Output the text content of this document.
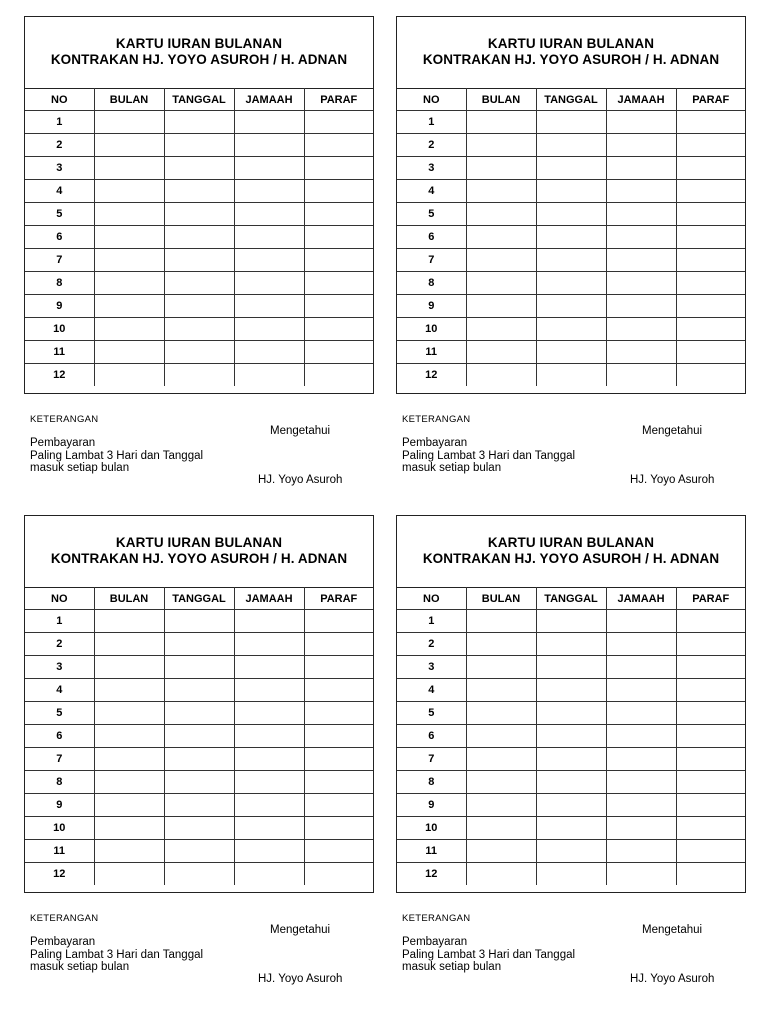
KARTU IURAN BULANAN
KONTRAKAN HJ. YOYO ASUROH / H. ADNAN
NO	BULAN	TANGGAL	JAMAAH	PARAF
1				
2				
3				
4				
5				
6				
7				
8				
9				
10				
11				
12				
KETERANGAN
Mengetahui
Pembayaran
Paling Lambat 3 Hari dan Tanggal
masuk setiap bulan
HJ. Yoyo Asuroh
KARTU IURAN BULANAN
KONTRAKAN HJ. YOYO ASUROH / H. ADNAN
NO	BULAN	TANGGAL	JAMAAH	PARAF
1				
2				
3				
4				
5				
6				
7				
8				
9				
10				
11				
12				
KETERANGAN
Mengetahui
Pembayaran
Paling Lambat 3 Hari dan Tanggal
masuk setiap bulan
HJ. Yoyo Asuroh
KARTU IURAN BULANAN
KONTRAKAN HJ. YOYO ASUROH / H. ADNAN
NO	BULAN	TANGGAL	JAMAAH	PARAF
1				
2				
3				
4				
5				
6				
7				
8				
9				
10				
11				
12				
KETERANGAN
Mengetahui
Pembayaran
Paling Lambat 3 Hari dan Tanggal
masuk setiap bulan
HJ. Yoyo Asuroh
KARTU IURAN BULANAN
KONTRAKAN HJ. YOYO ASUROH / H. ADNAN
NO	BULAN	TANGGAL	JAMAAH	PARAF
1				
2				
3				
4				
5				
6				
7				
8				
9				
10				
11				
12				
KETERANGAN
Mengetahui
Pembayaran
Paling Lambat 3 Hari dan Tanggal
masuk setiap bulan
HJ. Yoyo Asuroh
